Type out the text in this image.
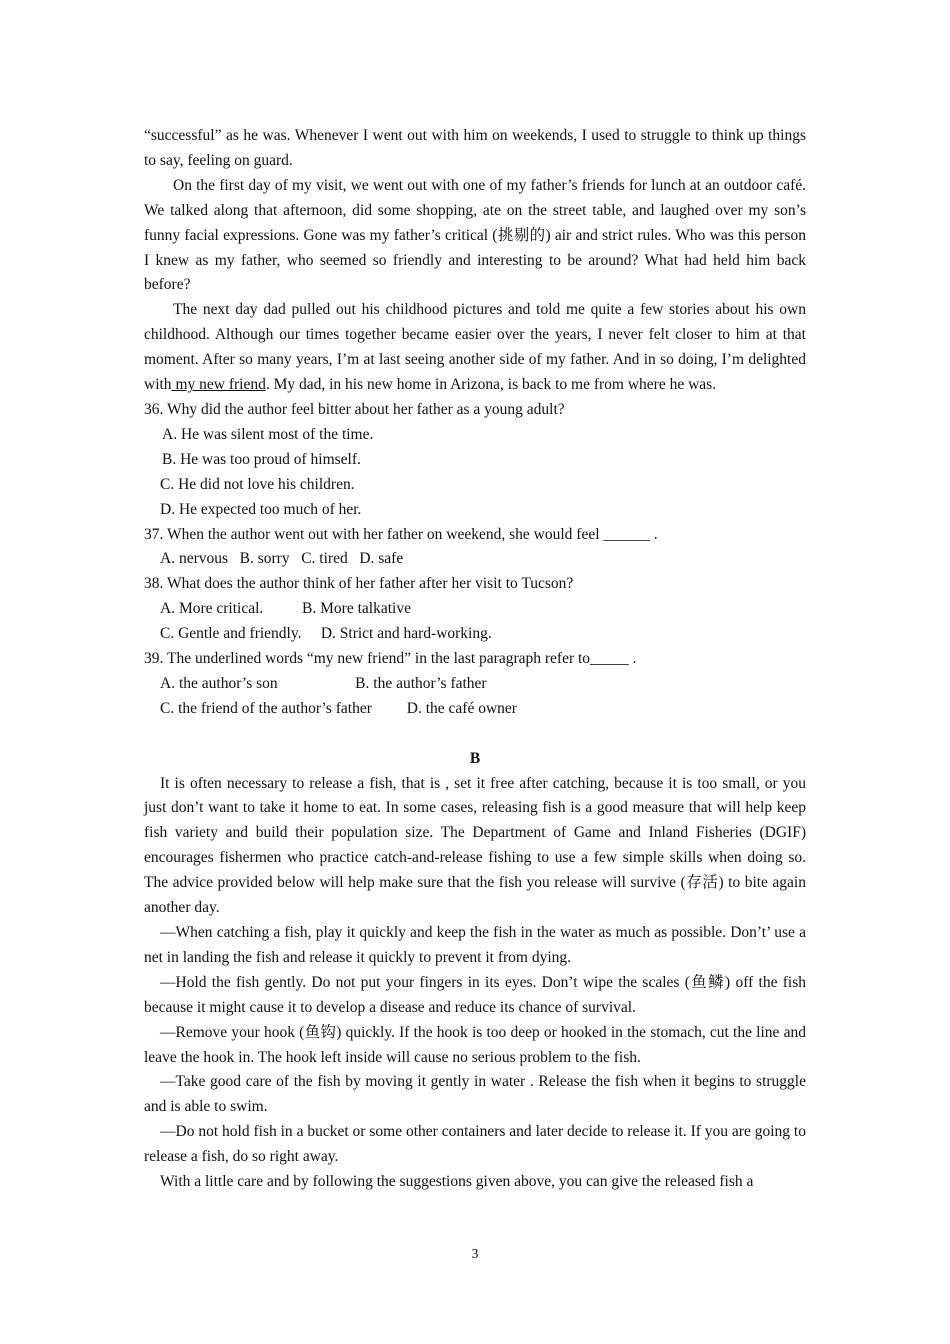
“successful” as he was. Whenever I went out with him on weekends, I used to struggle to think up things to say, feeling on guard.

On the first day of my visit, we went out with one of my father’s friends for lunch at an outdoor café. We talked along that afternoon, did some shopping, ate on the street table, and laughed over my son’s funny facial expressions. Gone was my father’s critical (挑剔的) air and strict rules. Who was this person I knew as my father, who seemed so friendly and interesting to be around? What had held him back before?

The next day dad pulled out his childhood pictures and told me quite a few stories about his own childhood. Although our times together became easier over the years, I never felt closer to him at that moment. After so many years, I’m at last seeing another side of my father. And in so doing, I’m delighted with my new friend. My dad, in his new home in Arizona, is back to me from where he was.

36. Why did the author feel bitter about her father as a young adult?

A. He was silent most of the time.

B. He was too proud of himself.

C. He did not love his children.

D. He expected too much of her.

37. When the author went out with her father on weekend, she would feel ______ .

A. nervous   B. sorry   C. tired   D. safe

38. What does the author think of her father after her visit to Tucson?

A. More critical.          B. More talkative

C. Gentle and friendly.     D. Strict and hard-working.

39. The underlined words “my new friend” in the last paragraph refer to_____ .

A. the author’s son                    B. the author’s father

C. the friend of the author’s father         D. the café owner

B

It is often necessary to release a fish, that is , set it free after catching, because it is too small, or you just don’t want to take it home to eat. In some cases, releasing fish is a good measure that will help keep fish variety and build their population size. The Department of Game and Inland Fisheries (DGIF) encourages fishermen who practice catch-and-release fishing to use a few simple skills when doing so. The advice provided below will help make sure that the fish you release will survive (存活) to bite again another day.

—When catching a fish, play it quickly and keep the fish in the water as much as possible. Don’t’ use a net in landing the fish and release it quickly to prevent it from dying.

—Hold the fish gently. Do not put your fingers in its eyes. Don’t wipe the scales (鱼鳞) off the fish because it might cause it to develop a disease and reduce its chance of survival.

—Remove your hook (鱼钩) quickly. If the hook is too deep or hooked in the stomach, cut the line and leave the hook in. The hook left inside will cause no serious problem to the fish.

—Take good care of the fish by moving it gently in water . Release the fish when it begins to struggle and is able to swim.

—Do not hold fish in a bucket or some other containers and later decide to release it. If you are going to release a fish, do so right away.

With a little care and by following the suggestions given above, you can give the released fish a

3
